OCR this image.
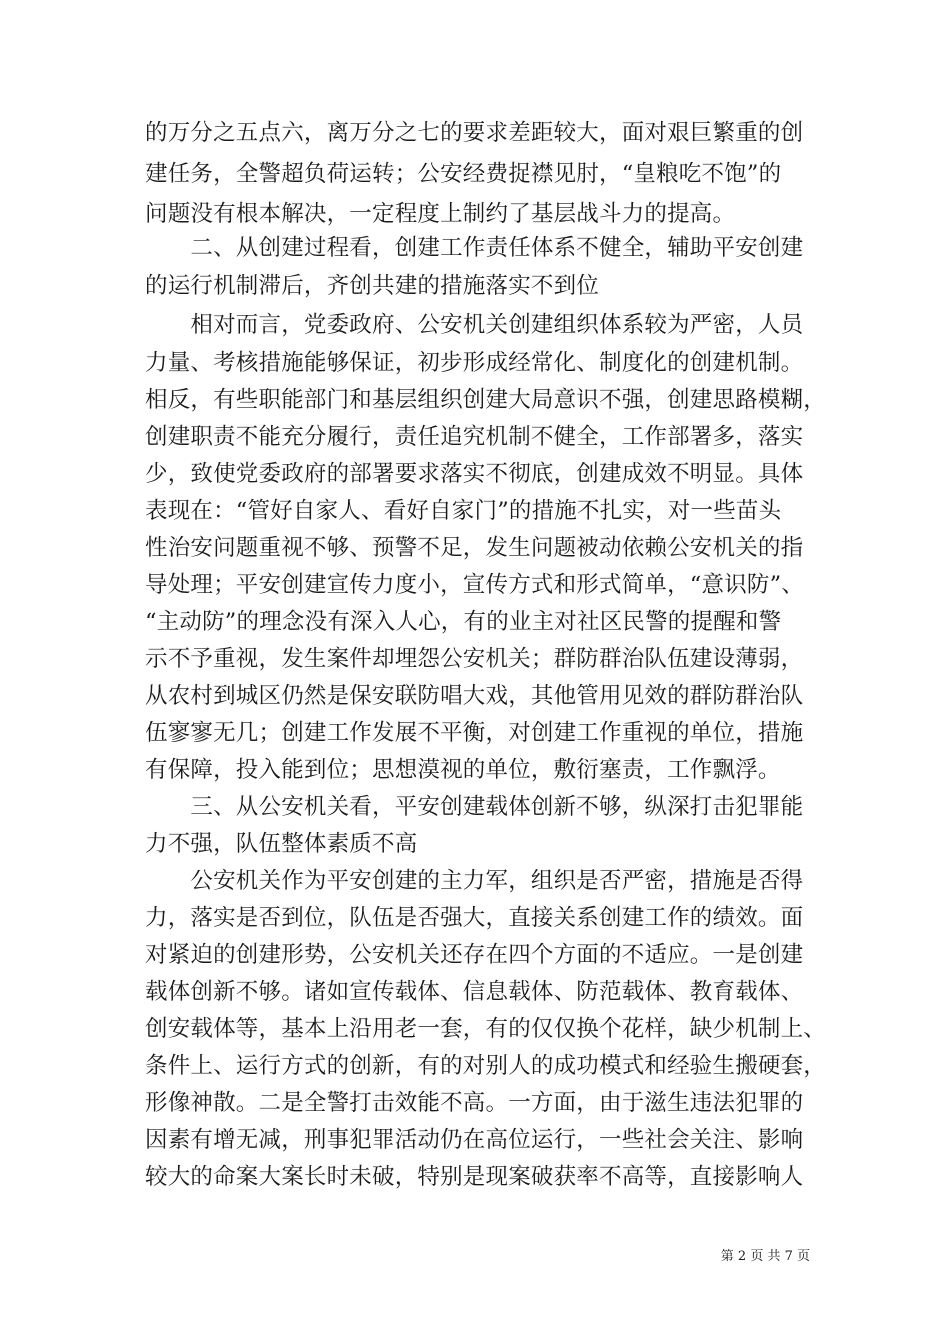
的万分之五点六，离万分之七的要求差距较大，面对艰巨繁重的创
建任务，全警超负荷运转；公安经费捉襟见肘，“皇粮吃不饱”的
问题没有根本解决，一定程度上制约了基层战斗力的提高。
　　二、从创建过程看，创建工作责任体系不健全，辅助平安创建
的运行机制滞后，齐创共建的措施落实不到位
　　相对而言，党委政府、公安机关创建组织体系较为严密，人员
力量、考核措施能够保证，初步形成经常化、制度化的创建机制。
相反，有些职能部门和基层组织创建大局意识不强，创建思路模糊，
创建职责不能充分履行，责任追究机制不健全，工作部署多，落实
少，致使党委政府的部署要求落实不彻底，创建成效不明显。具体
表现在：“管好自家人、看好自家门”的措施不扎实，对一些苗头
性治安问题重视不够、预警不足，发生问题被动依赖公安机关的指
导处理；平安创建宣传力度小，宣传方式和形式简单，“意识防”、
“主动防”的理念没有深入人心，有的业主对社区民警的提醒和警
示不予重视，发生案件却埋怨公安机关；群防群治队伍建设薄弱，
从农村到城区仍然是保安联防唱大戏，其他管用见效的群防群治队
伍寥寥无几；创建工作发展不平衡，对创建工作重视的单位，措施
有保障，投入能到位；思想漠视的单位，敷衍塞责，工作飘浮。
　　三、从公安机关看，平安创建载体创新不够，纵深打击犯罪能
力不强，队伍整体素质不高
　　公安机关作为平安创建的主力军，组织是否严密，措施是否得
力，落实是否到位，队伍是否强大，直接关系创建工作的绩效。面
对紧迫的创建形势，公安机关还存在四个方面的不适应。一是创建
载体创新不够。诸如宣传载体、信息载体、防范载体、教育载体、
创安载体等，基本上沿用老一套，有的仅仅换个花样，缺少机制上、
条件上、运行方式的创新，有的对别人的成功模式和经验生搬硬套，
形像神散。二是全警打击效能不高。一方面，由于滋生违法犯罪的
因素有增无减，刑事犯罪活动仍在高位运行，一些社会关注、影响
较大的命案大案长时未破，特别是现案破获率不高等，直接影响人
第 2 页 共 7 页
